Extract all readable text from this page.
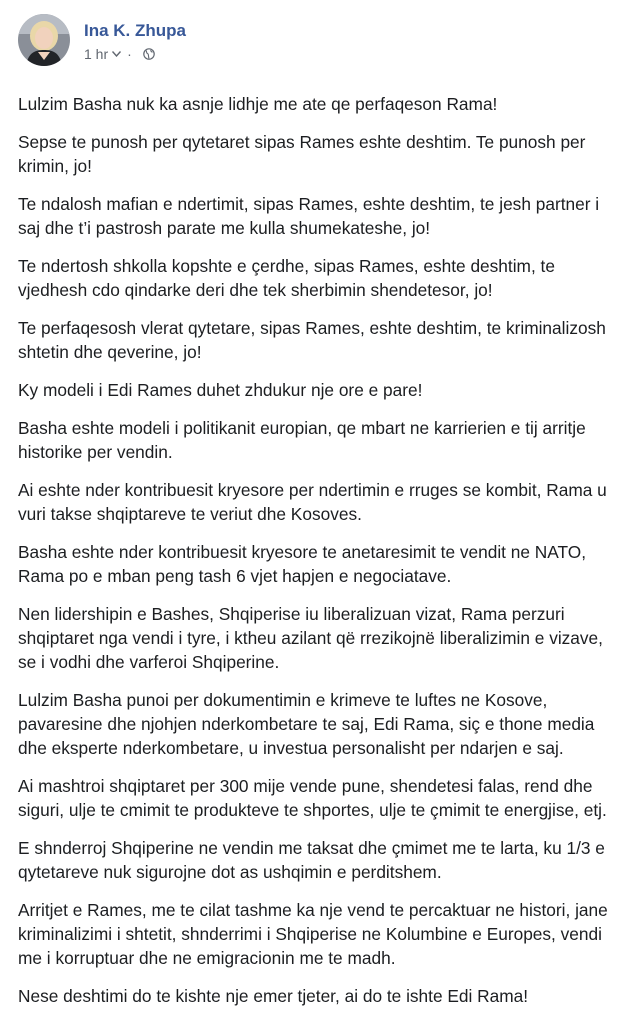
Ina K. Zhupa
1 hr ·

Lulzim Basha nuk ka asnje lidhje me ate qe perfaqeson Rama!

Sepse te punosh per qytetaret sipas Rames eshte deshtim. Te punosh per krimin, jo!

Te ndalosh mafian e ndertimit, sipas Rames, eshte deshtim, te jesh partner i saj dhe t’i pastrosh parate me kulla shumekateshe, jo!

Te ndertosh shkolla kopshte e çerdhe, sipas Rames, eshte deshtim, te vjedhesh cdo qindarke deri dhe tek sherbimin shendetesor, jo!

Te perfaqesosh vlerat qytetare, sipas Rames, eshte deshtim, te kriminalizosh shtetin dhe qeverine, jo!

Ky modeli i Edi Rames duhet zhdukur nje ore e pare!

Basha eshte modeli i politikanit europian, qe mbart ne karrierien e tij arritje historike per vendin.

Ai eshte nder kontribuesit kryesore per ndertimin e rruges se kombit, Rama u vuri takse shqiptareve te veriut dhe Kosoves.

Basha eshte nder kontribuesit kryesore te anetaresimit te vendit ne NATO, Rama po e mban peng tash 6 vjet hapjen e negociatave.

Nen lidershipin e Bashes, Shqiperise iu liberalizuan vizat, Rama perzuri shqiptaret nga vendi i tyre, i ktheu azilant që rrezikojnë liberalizimin e vizave, se i vodhi dhe varferoi Shqiperine.

Lulzim Basha punoi per dokumentimin e krimeve te luftes ne Kosove, pavaresine dhe njohjen nderkombetare te saj, Edi Rama, siç e thone media dhe eksperte nderkombetare, u investua personalisht per ndarjen e saj.

Ai mashtroi shqiptaret per 300 mije vende pune, shendetesi falas, rend dhe siguri, ulje te cmimit te produkteve te shportes, ulje te çmimit te energjise, etj.

E shnderroj Shqiperine ne vendin me taksat dhe çmimet me te larta, ku 1/3 e qytetareve nuk sigurojne dot as ushqimin e perditshem.

Arritjet e Rames, me te cilat tashme ka nje vend te percaktuar ne histori, jane kriminalizimi i shtetit, shnderrimi i Shqiperise ne Kolumbine e Europes, vendi me i korruptuar dhe ne emigracionin me te madh.

Nese deshtimi do te kishte nje emer tjeter, ai do te ishte Edi Rama!
